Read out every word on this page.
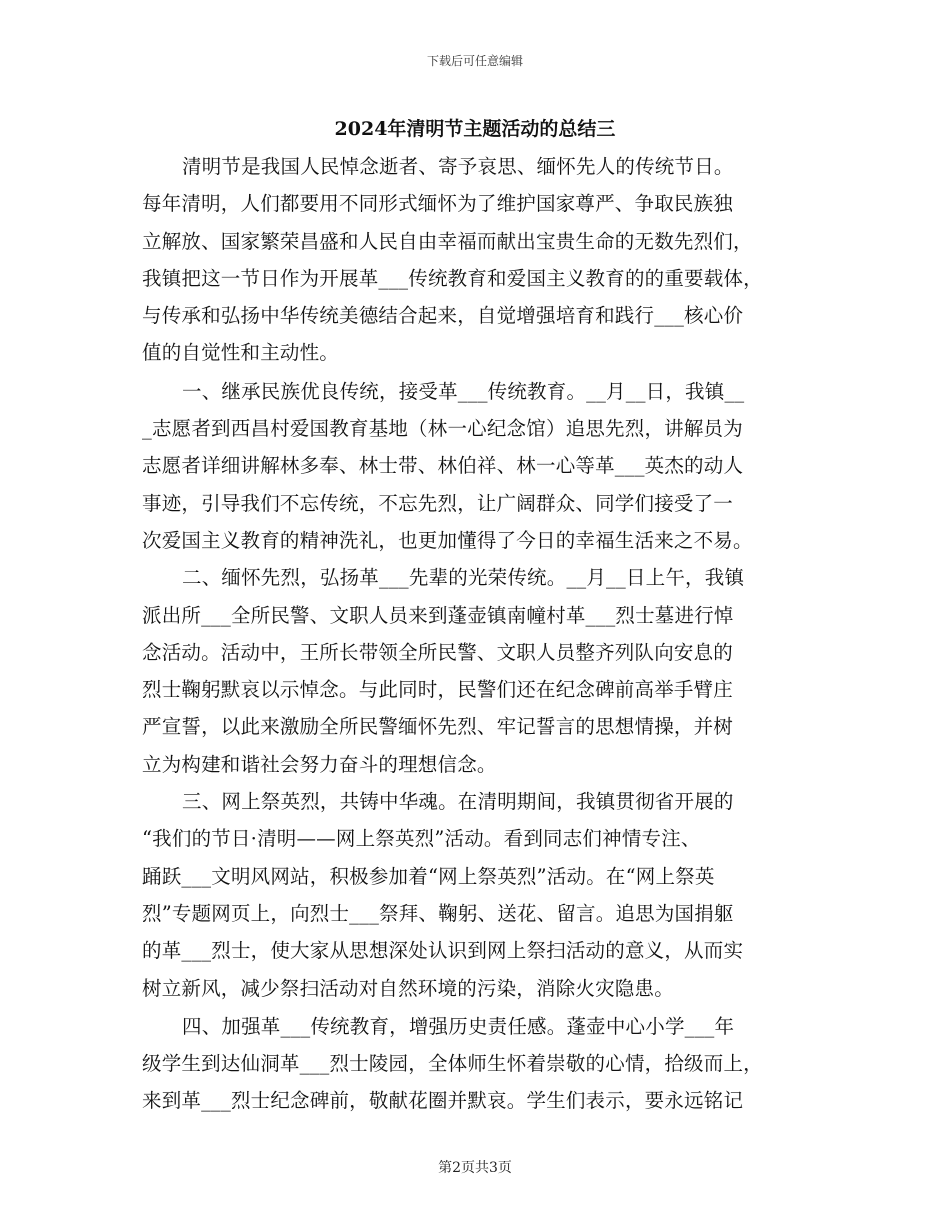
下载后可任意编辑
2024年清明节主题活动的总结三
清明节是我国人民悼念逝者、寄予哀思、缅怀先人的传统节日。
每年清明，人们都要用不同形式缅怀为了维护国家尊严、争取民族独
立解放、国家繁荣昌盛和人民自由幸福而献出宝贵生命的无数先烈们，
我镇把这一节日作为开展革___传统教育和爱国主义教育的的重要载体，
与传承和弘扬中华传统美德结合起来，自觉增强培育和践行___核心价
值的自觉性和主动性。
一、继承民族优良传统，接受革___传统教育。__月__日，我镇__
_志愿者到西昌村爱国教育基地（林一心纪念馆）追思先烈，讲解员为
志愿者详细讲解林多奉、林士带、林伯祥、林一心等革___英杰的动人
事迹，引导我们不忘传统，不忘先烈，让广阔群众、同学们接受了一
次爱国主义教育的精神洗礼，也更加懂得了今日的幸福生活来之不易。
二、缅怀先烈，弘扬革___先辈的光荣传统。__月__日上午，我镇
派出所___全所民警、文职人员来到蓬壶镇南幢村革___烈士墓进行悼
念活动。活动中，王所长带领全所民警、文职人员整齐列队向安息的
烈士鞠躬默哀以示悼念。与此同时，民警们还在纪念碑前高举手臂庄
严宣誓，以此来激励全所民警缅怀先烈、牢记誓言的思想情操，并树
立为构建和谐社会努力奋斗的理想信念。
三、网上祭英烈，共铸中华魂。在清明期间，我镇贯彻省开展的
“我们的节日·清明——网上祭英烈”活动。看到同志们神情专注、
踊跃___文明风网站，积极参加着“网上祭英烈”活动。在“网上祭英
烈”专题网页上，向烈士___祭拜、鞠躬、送花、留言。追思为国捐躯
的革___烈士，使大家从思想深处认识到网上祭扫活动的意义，从而实
树立新风，减少祭扫活动对自然环境的污染，消除火灾隐患。
四、加强革___传统教育，增强历史责任感。蓬壶中心小学___年
级学生到达仙洞革___烈士陵园，全体师生怀着崇敬的心情，拾级而上，
来到革___烈士纪念碑前，敬献花圈并默哀。学生们表示，要永远铭记
第2页共3页
